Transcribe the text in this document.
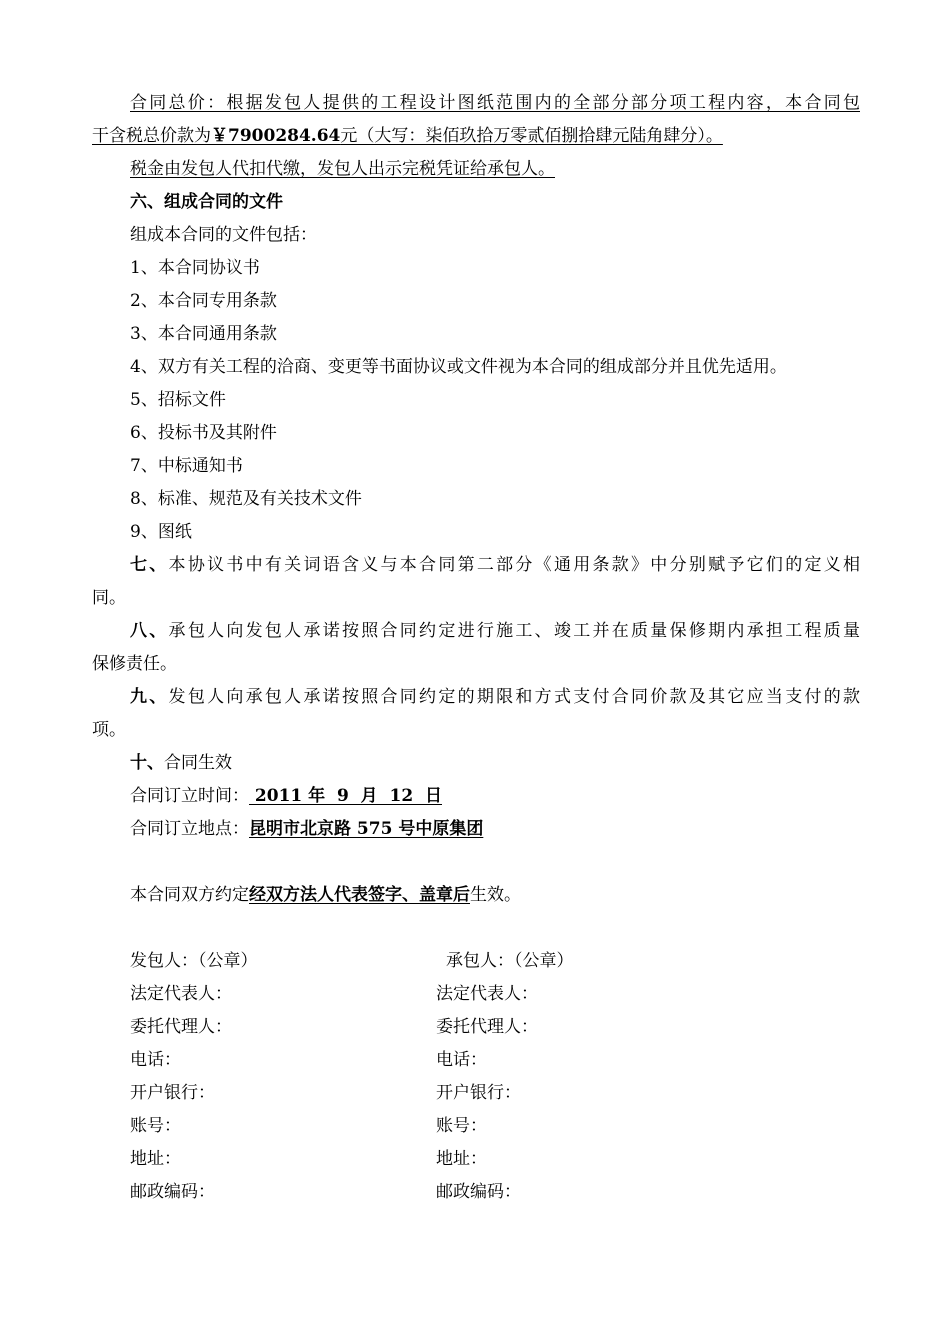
合同总价：根据发包人提供的工程设计图纸范围内的全部分部分项工程内容，本合同包
干含税总价款为￥7900284.64元（大写：柒佰玖拾万零贰佰捌拾肆元陆角肆分）。
税金由发包人代扣代缴，发包人出示完税凭证给承包人。
六、组成合同的文件
组成本合同的文件包括：
1、本合同协议书
2、本合同专用条款
3、本合同通用条款
4、双方有关工程的洽商、变更等书面协议或文件视为本合同的组成部分并且优先适用。
5、招标文件
6、投标书及其附件
7、中标通知书
8、标准、规范及有关技术文件
9、图纸
七、本协议书中有关词语含义与本合同第二部分《通用条款》中分别赋予它们的定义相
同。
八、承包人向发包人承诺按照合同约定进行施工、竣工并在质量保修期内承担工程质量
保修责任。
九、发包人向承包人承诺按照合同约定的期限和方式支付合同价款及其它应当支付的款
项。
十、合同生效
合同订立时间： 2011 年  9  月  12  日
合同订立地点：昆明市北京路 575 号中原集团
本合同双方约定经双方法人代表签字、盖章后生效。
发包人：（公章）
法定代表人：
委托代理人：
电话：
开户银行：
账号：
地址：
邮政编码：
承包人：（公章）
法定代表人：
委托代理人：
电话：
开户银行：
账号：
地址：
邮政编码：
